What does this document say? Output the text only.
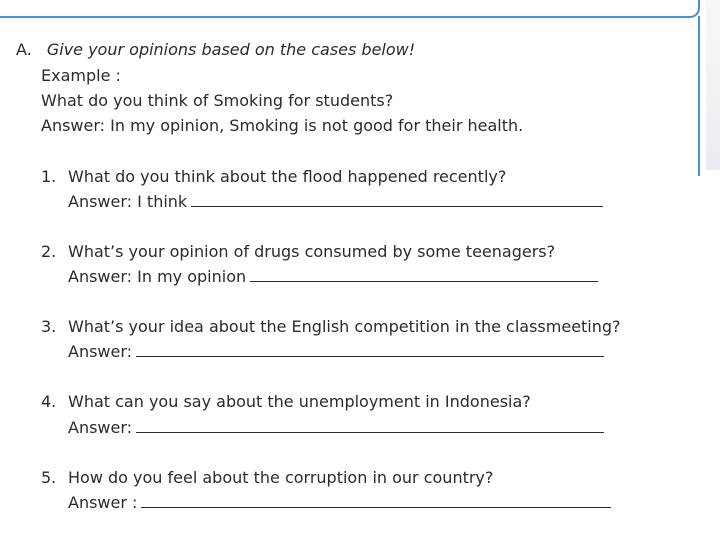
A. Give your opinions based on the cases below!
Example :
What do you think of Smoking for students?
Answer: In my opinion, Smoking is not good for their health.
1. What do you think about the flood happened recently?
Answer: I think
2. What’s your opinion of drugs consumed by some teenagers?
Answer: In my opinion
3. What’s your idea about the English competition in the classmeeting?
Answer:
4. What can you say about the unemployment in Indonesia?
Answer:
5. How do you feel about the corruption in our country?
Answer :
